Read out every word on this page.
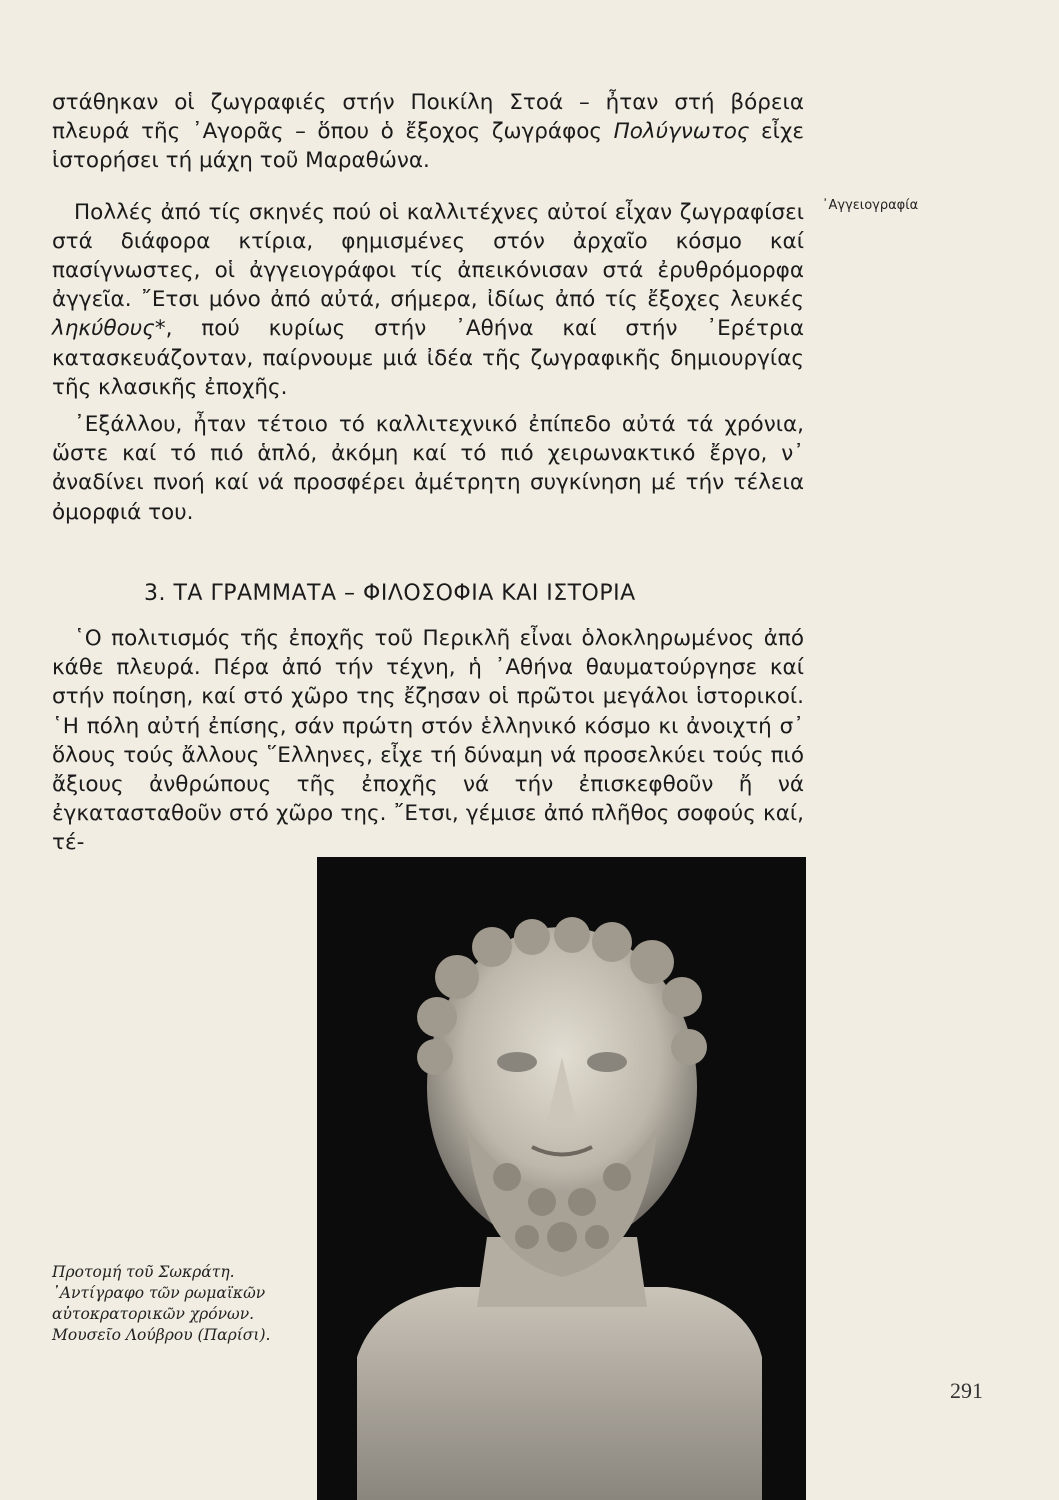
στάθηκαν οἱ ζωγραφιές στήν Ποικίλη Στοά – ἦταν στή βόρεια πλευρά τῆς ᾿Αγορᾶς – ὅπου ὁ ἔξοχος ζωγράφος Πολύγνωτος εἶχε ἱστορήσει τή μάχη τοῦ Μαραθώνα.

Πολλές ἀπό τίς σκηνές πού οἱ καλλιτέχνες αὐτοί εἶχαν ζωγραφίσει στά διάφορα κτίρια, φημισμένες στόν ἀρχαῖο κόσμο καί πασίγνωστες, οἱ ἀγγειογράφοι τίς ἀπεικόνισαν στά ἐρυθρόμορφα ἀγγεῖα. ῎Ετσι μόνο ἀπό αὐτά, σήμερα, ἰδίως ἀπό τίς ἔξοχες λευκές ληκύθους*, πού κυρίως στήν ᾿Αθήνα καί στήν ᾿Ερέτρια κατασκευάζονταν, παίρνουμε μιά ἰδέα τῆς ζωγραφικῆς δημιουργίας τῆς κλασικῆς ἐποχῆς.

᾿Εξάλλου, ἦταν τέτοιο τό καλλιτεχνικό ἐπίπεδο αὐτά τά χρόνια, ὥστε καί τό πιό ἁπλό, ἀκόμη καί τό πιό χειρωνακτικό ἔργο, ν᾿ ἀναδίνει πνοή καί νά προσφέρει ἀμέτρητη συγκίνηση μέ τήν τέλεια ὀμορφιά του.

3. ΤΑ ΓΡΑΜΜΑΤΑ – ΦΙΛΟΣΟΦΙΑ ΚΑΙ ΙΣΤΟΡΙΑ

῾Ο πολιτισμός τῆς ἐποχῆς τοῦ Περικλῆ εἶναι ὁλοκληρωμένος ἀπό κάθε πλευρά. Πέρα ἀπό τήν τέχνη, ἡ ᾿Αθήνα θαυματούργησε καί στήν ποίηση, καί στό χῶρο της ἔζησαν οἱ πρῶτοι μεγάλοι ἱστορικοί. ῾Η πόλη αὐτή ἐπίσης, σάν πρώτη στόν ἑλληνικό κόσμο κι ἀνοιχτή σ᾿ ὅλους τούς ἄλλους ῞Ελληνες, εἶχε τή δύναμη νά προσελκύει τούς πιό ἄξιους ἀνθρώπους τῆς ἐποχῆς νά τήν ἐπισκεφθοῦν ἤ νά ἐγκατασταθοῦν στό χῶρο της. ῎Ετσι, γέμισε ἀπό πλῆθος σοφούς καί, τέ-

᾿Αγγειογραφία
Προτομή τοῦ Σωκράτη. ᾿Αντίγραφο τῶν ρωμαϊκῶν αὐτοκρατορικῶν χρόνων. Μουσεῖο Λούβρου (Παρίσι).
291
